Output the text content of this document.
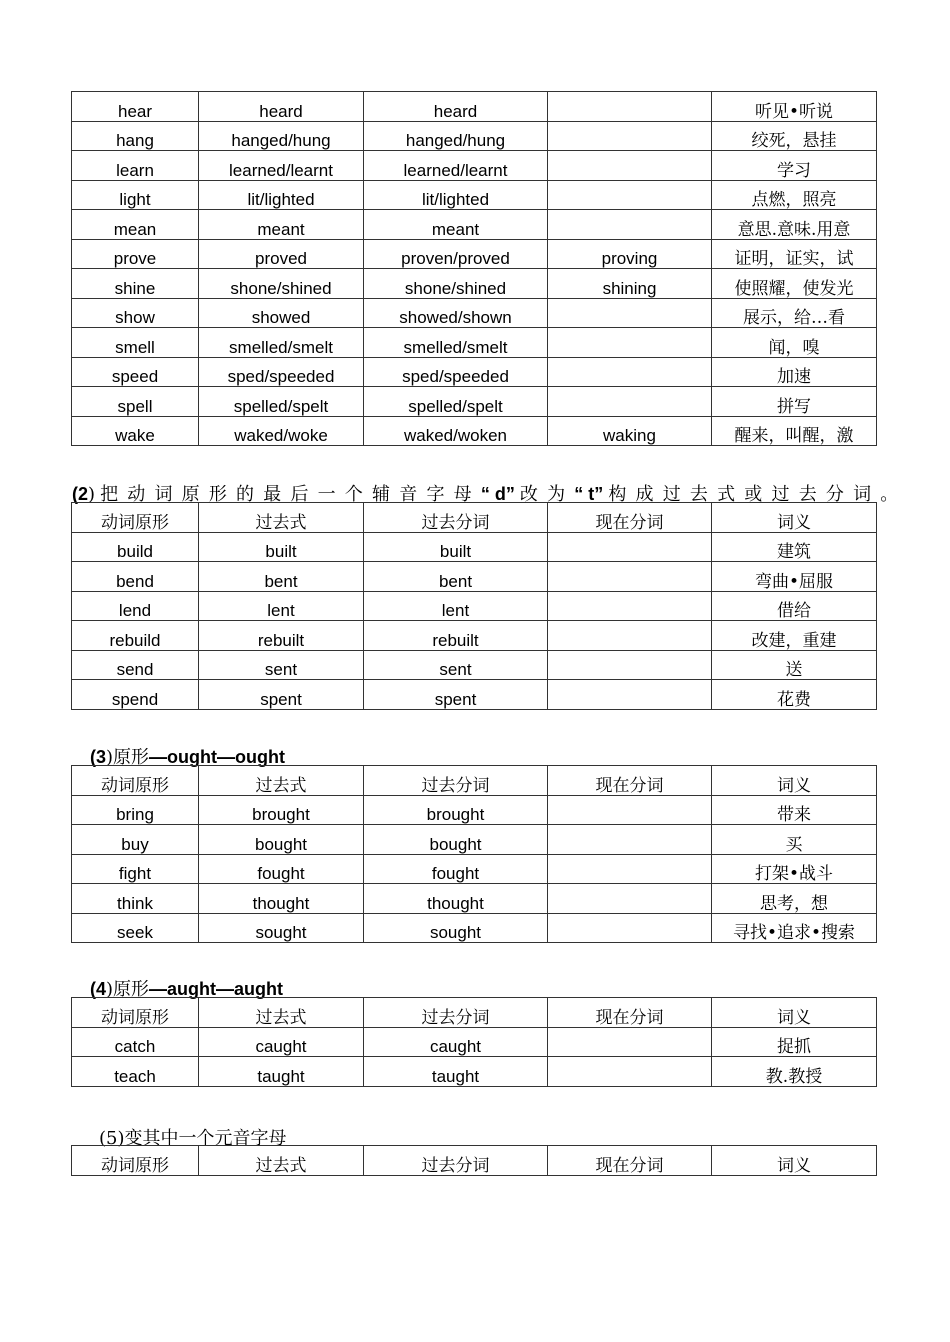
hear	heard	heard		听见•听说
hang	hanged/hung	hanged/hung		绞死，悬挂
learn	learned/learnt	learned/learnt		学习
light	lit/lighted	lit/lighted		点燃，照亮
mean	meant	meant		意思.意味.用意
prove	proved	proven/proved	proving	证明，证实，试
shine	shone/shined	shone/shined	shining	使照耀，使发光
show	showed	showed/shown		展示，给…看
smell	smelled/smelt	smelled/smelt		闻，嗅
speed	sped/speeded	sped/speeded		加速
spell	spelled/spelt	spelled/spelt		拼写
wake	waked/woke	waked/woken	waking	醒来，叫醒，激
(2) 把动词原形的最后一个辅音字母“ d” 改为“ t” 构成过去式或过去分词。
动词原形	过去式	过去分词	现在分词	词义
build	built	built		建筑
bend	bent	bent		弯曲•屈服
lend	lent	lent		借给
rebuild	rebuilt	rebuilt		改建，重建
send	sent	sent		送
spend	spent	spent		花费
(3)原形—ought—ought
动词原形	过去式	过去分词	现在分词	词义
bring	brought	brought		带来
buy	bought	bought		买
fight	fought	fought		打架•战斗
think	thought	thought		思考，想
seek	sought	sought		寻找•追求•搜索
(4)原形—aught—aught
动词原形	过去式	过去分词	现在分词	词义
catch	caught	caught		捉抓
teach	taught	taught		教.教授
(5)变其中一个元音字母
动词原形	过去式	过去分词	现在分词	词义
